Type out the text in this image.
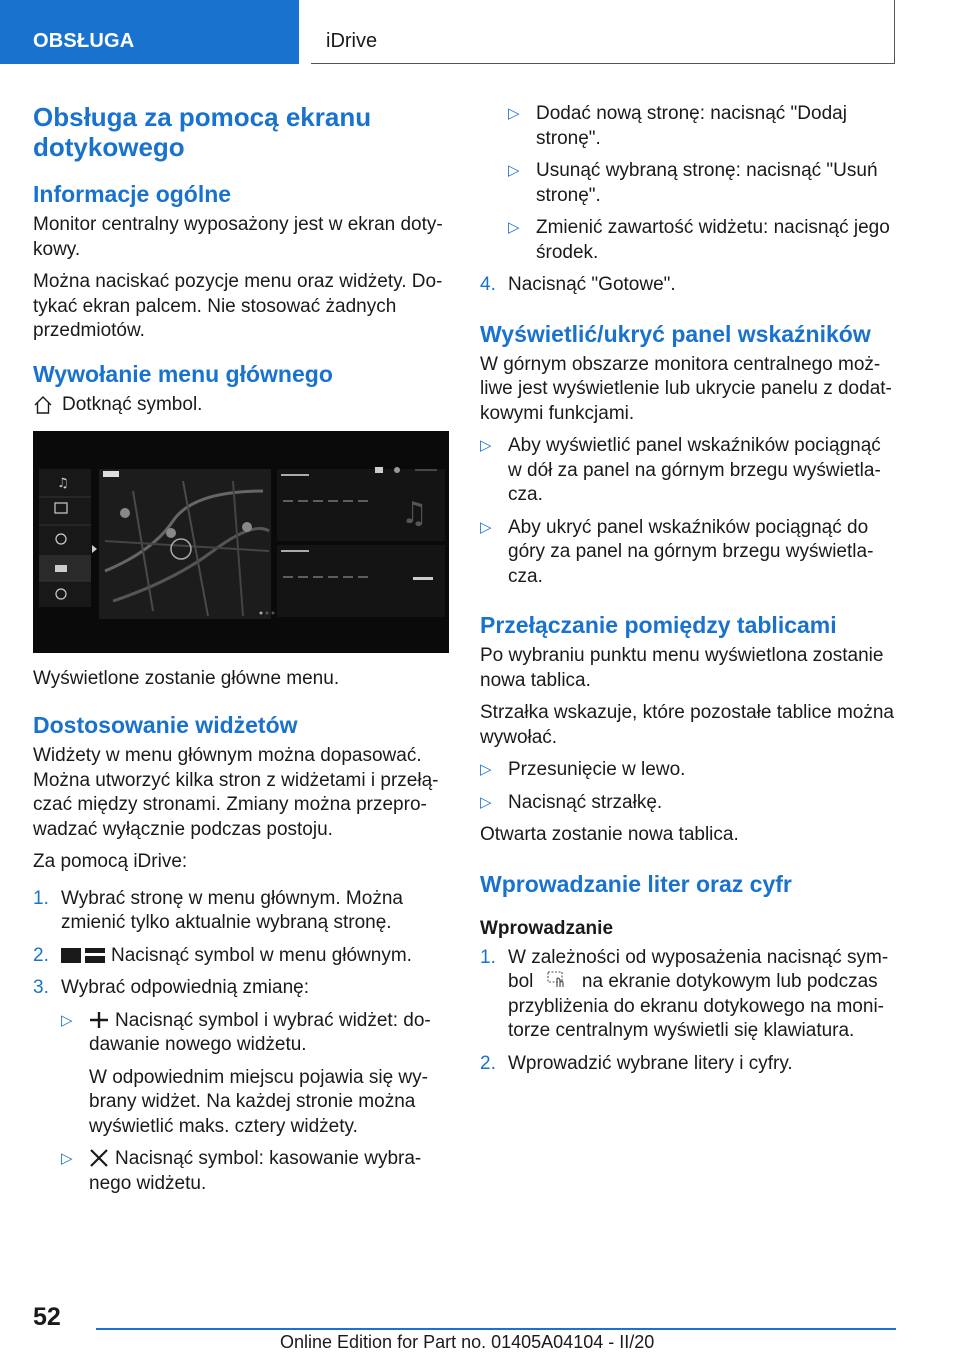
OBSŁUGA	iDrive
Obsługa za pomocą ekranu dotykowego
Informacje ogólne

Monitor centralny wyposażony jest w ekran dotykowy.

Można naciskać pozycje menu oraz widżety. Dotykać ekran palcem. Nie stosować żadnych przedmiotów.

Wywołanie menu głównego
Dotknąć symbol.
♫
♫

Wyświetlone zostanie główne menu.

Dostosowanie widżetów

Widżety w menu głównym można dopasować. Można utworzyć kilka stron z widżetami i przełączać między stronami. Zmiany można przeprowadzać wyłącznie podczas postoju.

Za pomocą iDrive:

1. Wybrać stronę w menu głównym. Można zmienić tylko aktualnie wybraną stronę.
2.	Nacisnąć symbol w menu głównym.
3. Wybrać odpowiednią zmianę:
▷	Nacisnąć symbol i wybrać widżet: dodawanie nowego widżetu.

W odpowiednim miejscu pojawia się wybrany widżet. Na każdej stronie można wyświetlić maks. cztery widżety.

▷	Nacisnąć symbol: kasowanie wybranego widżetu.
▷ Dodać nową stronę: nacisnąć "Dodaj stronę".
▷ Usunąć wybraną stronę: nacisnąć "Usuń stronę".
▷ Zmienić zawartość widżetu: nacisnąć jego środek.
4. Nacisnąć "Gotowe".
Wyświetlić/ukryć panel wskaźników

W górnym obszarze monitora centralnego możliwe jest wyświetlenie lub ukrycie panelu z dodatkowymi funkcjami.

▷ Aby wyświetlić panel wskaźników pociągnąć w dół za panel na górnym brzegu wyświetlacza.
▷ Aby ukryć panel wskaźników pociągnąć do góry za panel na górnym brzegu wyświetlacza.
Przełączanie pomiędzy tablicami

Po wybraniu punktu menu wyświetlona zostanie nowa tablica.

Strzałka wskazuje, które pozostałe tablice można wywołać.

▷ Przesunięcie w lewo.
▷ Nacisnąć strzałkę.

Otwarta zostanie nowa tablica.

Wprowadzanie liter oraz cyfr
Wprowadzanie
1. W zależności od wyposażenia nacisnąć symbol	na ekranie dotykowym lub podczas przybliżenia do ekranu dotykowego na monitorze centralnym wyświetli się klawiatura.
2. Wprowadzić wybrane litery i cyfry.
52
Online Edition for Part no. 01405A04104 - II/20
